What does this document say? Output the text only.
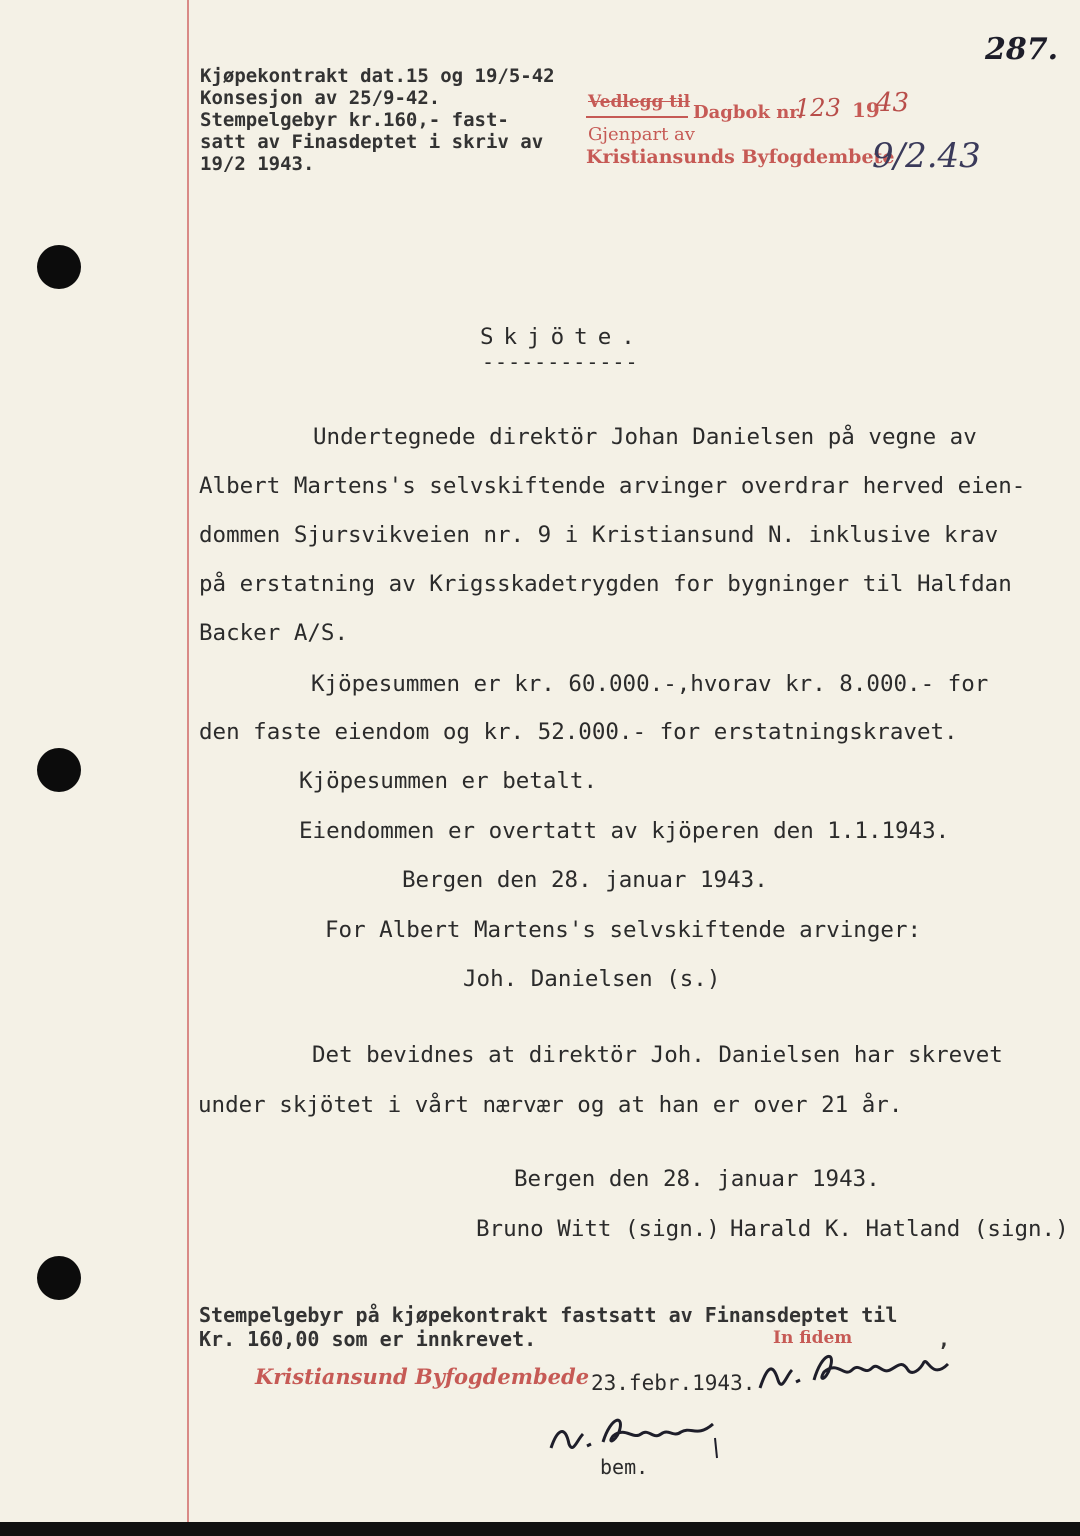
287.
Kjøpekontrakt dat.15 og 19/5-42
Konsesjon av 25/9-42.
Stempelgebyr kr.160,- fast-
satt av Finasdeptet i skriv av
19/2 1943.
Vedlegg til Dagbok nr.
123 19
43
Gjenpart av
Kristiansunds Byfogdembete
9/2.43
Skjöte.
------------
Undertegnede direktör Johan Danielsen på vegne av
Albert Martens's selvskiftende arvinger overdrar herved eien-
dommen Sjursvikveien nr. 9 i Kristiansund N. inklusive krav
på erstatning av Krigsskadetrygden for bygninger til Halfdan
Backer A/S.
Kjöpesummen er kr. 60.000.-,hvorav kr. 8.000.- for
den faste eiendom og kr. 52.000.- for erstatningskravet.
Kjöpesummen er betalt.
Eiendommen er overtatt av kjöperen den 1.1.1943.
Bergen den 28. januar 1943.
For Albert Martens's selvskiftende arvinger:
Joh. Danielsen (s.)
Det bevidnes at direktör Joh. Danielsen har skrevet
under skjötet i vårt nærvær og at han er over 21 år.
Bergen den 28. januar 1943.
Bruno Witt (sign.) Harald K. Hatland (sign.)
Stempelgebyr på kjøpekontrakt fastsatt av Finansdeptet til
Kr. 160,00 som er innkrevet.	In fidem	,
Kristiansund Byfogdembede 23.febr.1943.
bem.
